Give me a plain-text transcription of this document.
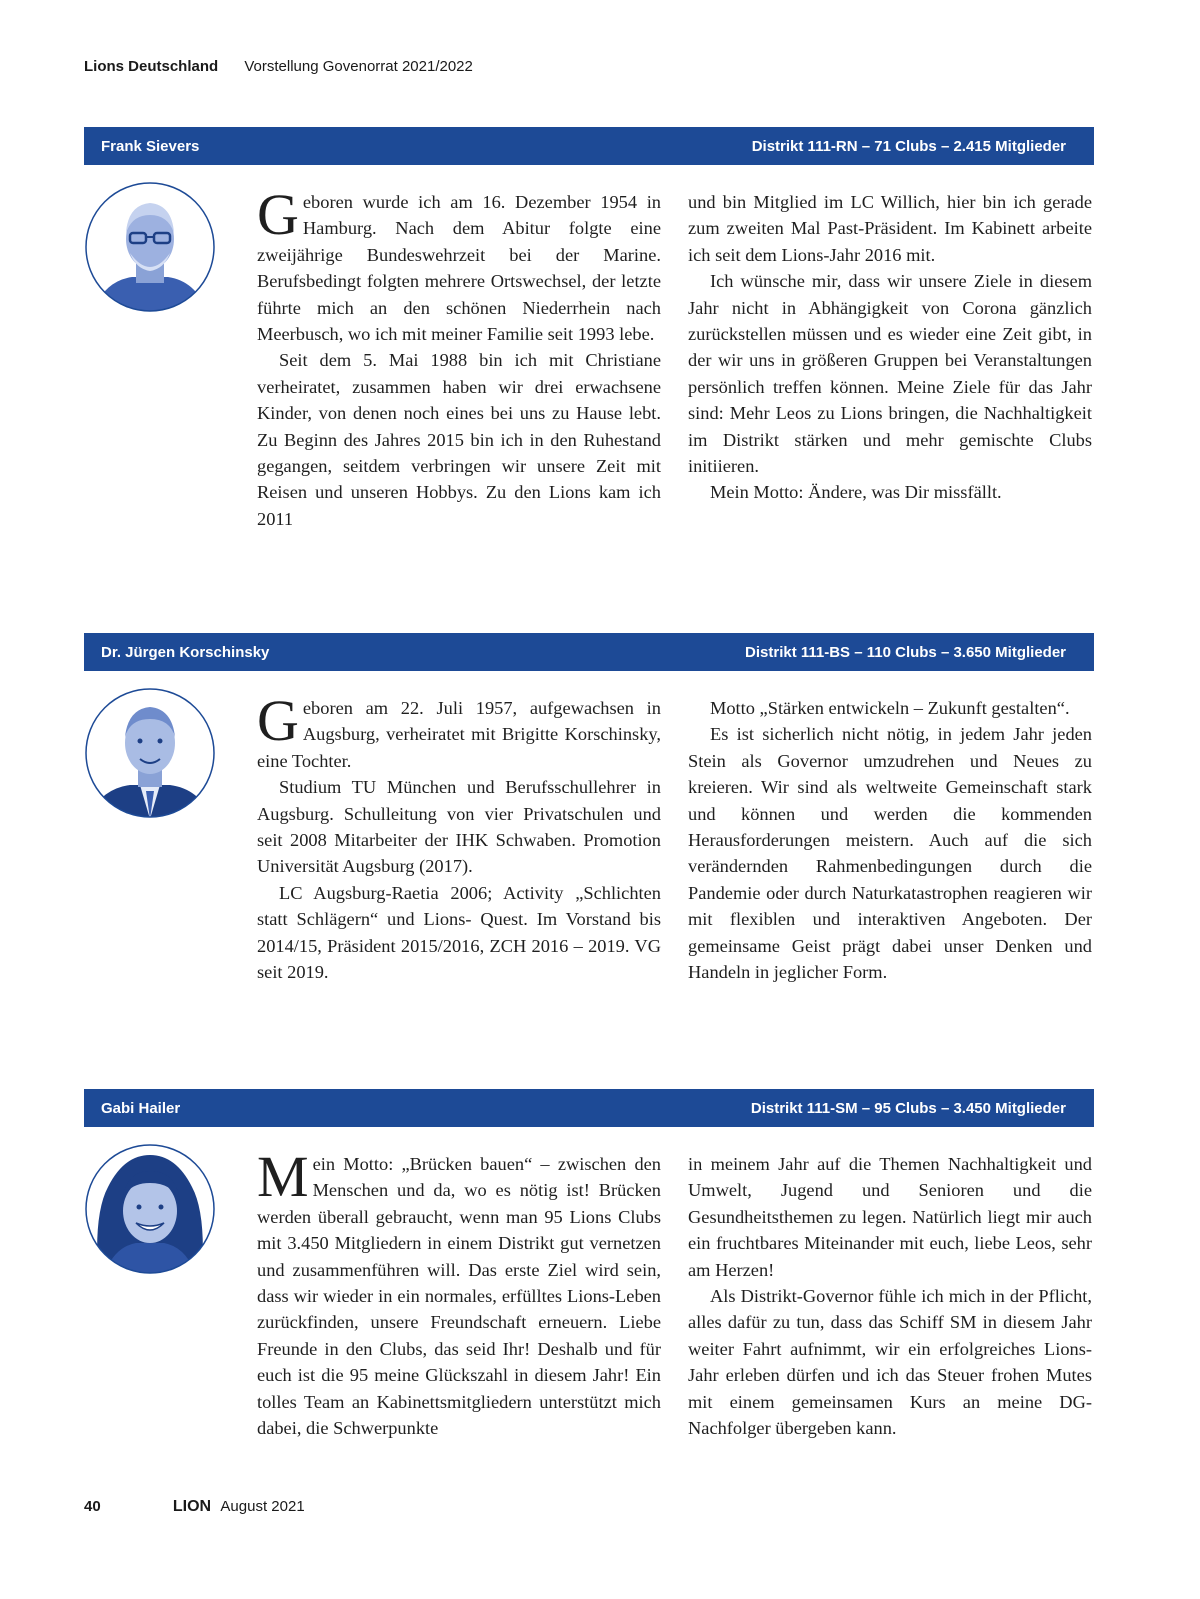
Lions Deutschland Vorstellung Govenorrat 2021/2022
Frank Sievers	Distrikt 111-RN – 71 Clubs – 2.415 Mitglieder

Geboren wurde ich am 16. Dezember 1954 in Hamburg. Nach dem Abitur folgte eine zweijährige Bundeswehrzeit bei der Marine. Berufsbedingt folgten mehrere Ortswechsel, der letzte führte mich an den schönen Niederrhein nach Meerbusch, wo ich mit meiner Familie seit 1993 lebe.

Seit dem 5. Mai 1988 bin ich mit Christiane verheiratet, zusammen haben wir drei erwachsene Kinder, von denen noch eines bei uns zu Hause lebt. Zu Beginn des Jahres 2015 bin ich in den Ruhestand gegangen, seitdem verbringen wir unsere Zeit mit Reisen und unseren Hobbys. Zu den Lions kam ich 2011

und bin Mitglied im LC Willich, hier bin ich gerade zum zweiten Mal Past-Präsident. Im Kabinett arbeite ich seit dem Lions-Jahr 2016 mit.

Ich wünsche mir, dass wir unsere Ziele in diesem Jahr nicht in Abhängigkeit von Corona gänzlich zurückstellen müssen und es wieder eine Zeit gibt, in der wir uns in größeren Gruppen bei Veranstaltungen persönlich treffen können. Meine Ziele für das Jahr sind: Mehr Leos zu Lions bringen, die Nachhaltigkeit im Distrikt stärken und mehr gemischte Clubs initiieren.

Mein Motto: Ändere, was Dir missfällt.

Dr. Jürgen Korschinsky	Distrikt 111-BS – 110 Clubs – 3.650 Mitglieder

Geboren am 22. Juli 1957, aufgewachsen in Augsburg, verheiratet mit Brigitte Korschinsky, eine Tochter.

Studium TU München und Berufsschullehrer in Augsburg. Schulleitung von vier Privatschulen und seit 2008 Mitarbeiter der IHK Schwaben. Promotion Universität Augsburg (2017).

LC Augsburg-Raetia 2006; Activity „Schlichten statt Schlägern“ und Lions- Quest. Im Vorstand bis 2014/15, Präsident 2015/2016, ZCH 2016 – 2019. VG seit 2019.

Motto „Stärken entwickeln – Zukunft gestalten“.

Es ist sicherlich nicht nötig, in jedem Jahr jeden Stein als Governor umzudrehen und Neues zu kreieren. Wir sind als weltweite Gemeinschaft stark und können und werden die kommenden Herausforderungen meistern. Auch auf die sich verändernden Rahmenbedingungen durch die Pandemie oder durch Naturkatastrophen reagieren wir mit flexiblen und interaktiven Angeboten. Der gemeinsame Geist prägt dabei unser Denken und Handeln in jeglicher Form.

Gabi Hailer	Distrikt 111-SM – 95 Clubs – 3.450 Mitglieder

Mein Motto: „Brücken bauen“ – zwischen den Menschen und da, wo es nötig ist! Brücken werden überall gebraucht, wenn man 95 Lions Clubs mit 3.450 Mitgliedern in einem Distrikt gut vernetzen und zusammenführen will. Das erste Ziel wird sein, dass wir wieder in ein normales, erfülltes Lions-Leben zurückfinden, unsere Freundschaft erneuern. Liebe Freunde in den Clubs, das seid Ihr! Deshalb und für euch ist die 95 meine Glückszahl in diesem Jahr! Ein tolles Team an Kabinettsmitgliedern unterstützt mich dabei, die Schwerpunkte

in meinem Jahr auf die Themen Nachhaltigkeit und Umwelt, Jugend und Senioren und die Gesundheitsthemen zu legen. Natürlich liegt mir auch ein fruchtbares Miteinander mit euch, liebe Leos, sehr am Herzen!

Als Distrikt-Governor fühle ich mich in der Pflicht, alles dafür zu tun, dass das Schiff SM in diesem Jahr weiter Fahrt aufnimmt, wir ein erfolgreiches Lions-Jahr erleben dürfen und ich das Steuer frohen Mutes mit einem gemeinsamen Kurs an meine DG-Nachfolger übergeben kann.

40	LION August 2021
